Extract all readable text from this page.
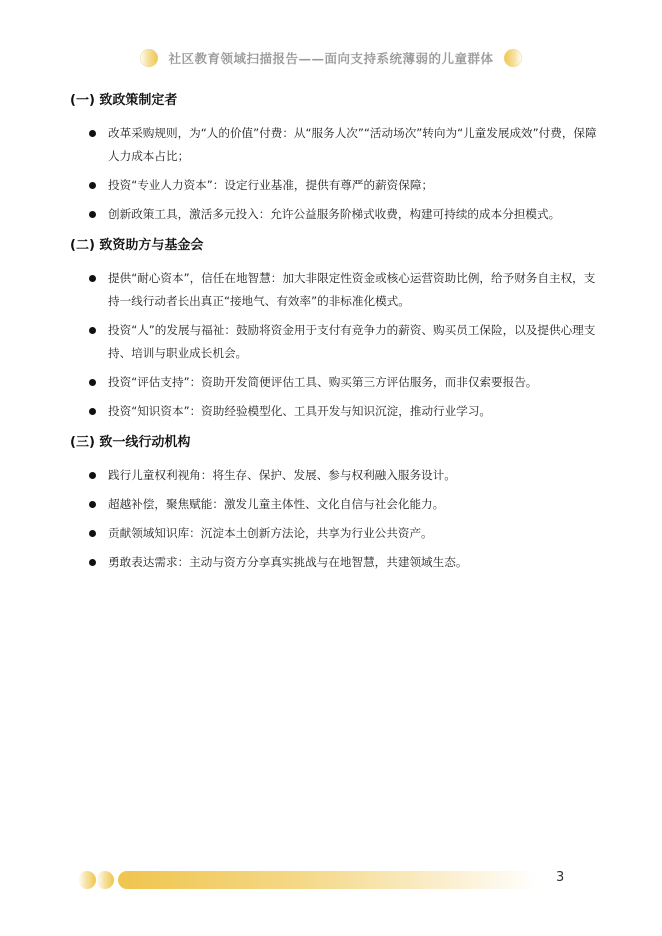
社区教育领域扫描报告——面向支持系统薄弱的儿童群体
(一) 致政策制定者
改革采购规则，为“人的价值”付费：从“服务人次”“活动场次”转向为“儿童发展成效”付费，保障人力成本占比；
投资“专业人力资本”：设定行业基准，提供有尊严的薪资保障；
创新政策工具，激活多元投入：允许公益服务阶梯式收费，构建可持续的成本分担模式。
(二) 致资助方与基金会
提供“耐心资本”，信任在地智慧：加大非限定性资金或核心运营资助比例，给予财务自主权，支持一线行动者长出真正“接地气、有效率”的非标准化模式。
投资“人”的发展与福祉：鼓励将资金用于支付有竞争力的薪资、购买员工保险，以及提供心理支持、培训与职业成长机会。
投资“评估支持”：资助开发简便评估工具、购买第三方评估服务，而非仅索要报告。
投资“知识资本”：资助经验模型化、工具开发与知识沉淀，推动行业学习。
(三) 致一线行动机构
践行儿童权利视角：将生存、保护、发展、参与权利融入服务设计。
超越补偿，聚焦赋能：激发儿童主体性、文化自信与社会化能力。
贡献领域知识库：沉淀本土创新方法论，共享为行业公共资产。
勇敢表达需求：主动与资方分享真实挑战与在地智慧，共建领域生态。
3
